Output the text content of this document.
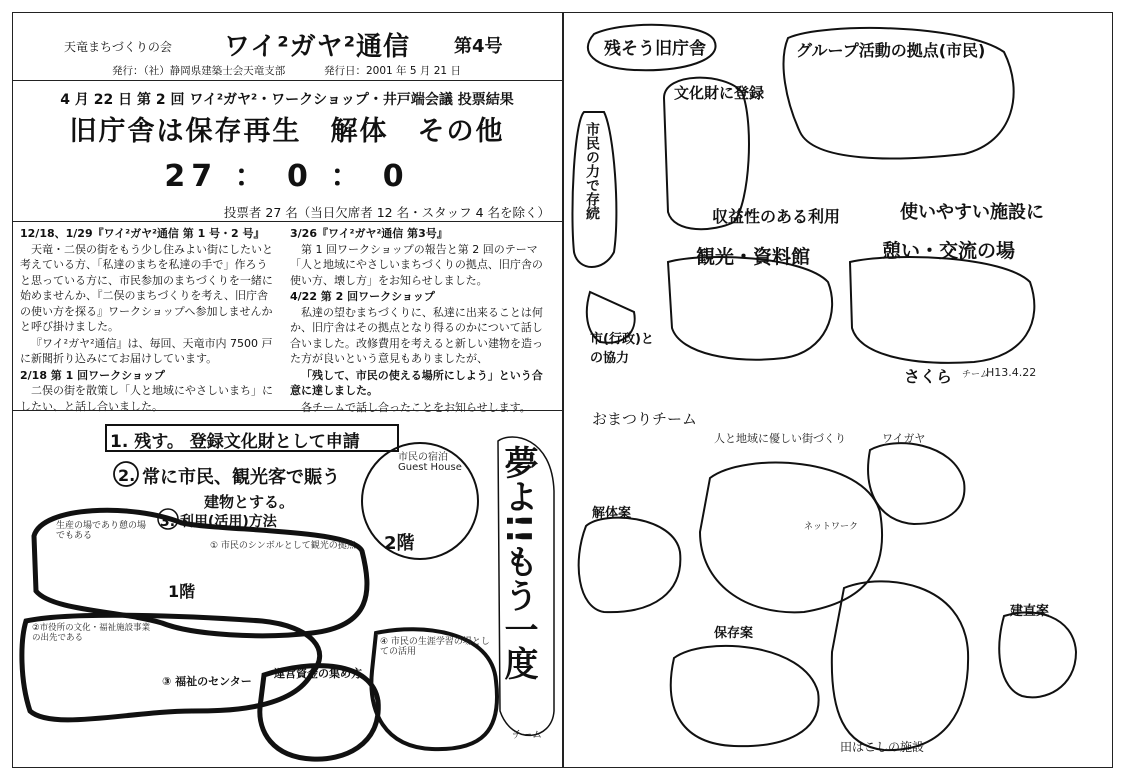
天竜まちづくりの会 ワイ²ガヤ²通信 第4号
発行：（社）静岡県建築士会天竜支部	発行日：2001 年 5 月 21 日
4 月 22 日 第 2 回 ワイ²ガヤ²・ワークショップ・井戸端会議 投票結果
旧庁舎は保存再生　解体　その他
27 ： 0 ： 0
投票者 27 名（当日欠席者 12 名・スタッフ 4 名を除く）
12/18、1/29『ワイ²ガヤ²通信 第 1 号・2 号』

天竜・二俣の街をもう少し住みよい街にしたいと考えている方、「私達のまちを私達の手で」作ろうと思っている方に、市民参加のまちづくりを一緒に始めませんか、『二俣のまちづくりを考え、旧庁舎の使い方を探る』ワークショップへ参加しませんかと呼び掛けました。

『ワイ²ガヤ²通信』は、毎回、天竜市内 7500 戸に新聞折り込みにてお届けしています。

2/18 第 1 回ワークショップ

二俣の街を散策し「人と地域にやさしいまち」にしたい、と話し合いました。

3/26『ワイ²ガヤ²通信 第3号』

第 1 回ワークショップの報告と第 2 回のテーマ「人と地域にやさしいまちづくりの拠点、旧庁舎の使い方、壊し方」をお知らせしました。

4/22 第 2 回ワークショップ

私達の望むまちづくりに、私達に出来ることは何か、旧庁舎はその拠点となり得るのかについて話し合いました。改修費用を考えると新しい建物を造った方が良いという意見もありましたが、

「残して、市民の使える場所にしよう」という合意に達しました。

各チームで話し合ったことをお知らせします。

1. 残す。 登録文化財として申請
2. 常に市民、観光客で賑う
建物とする。
3. 利用(活用)方法
生産の場であり憩の場でもある
1階
① 市民のシンボルとして観光の拠点
②市役所の文化・福祉施設事業の出先である
③ 福祉のセンター
運営資金の集め方
④ 市民の生涯学習の場としての活用
市民の宿泊 Guest House
2階 夢よ!!もう一度
チーム
残そう旧庁舎
文化財に登録
グループ活動の拠点(市民)
市民の力で存続	収益性のある利用	使いやすい施設に
観光・資料館	憩い・交流の場
市(行政)との協力
さくら チーム
H13.4.22
おまつりチーム
人と地域に優しい街づくり	ワイガヤ
解体案
保存案
建直案
ネットワーク
田はこしの施設
